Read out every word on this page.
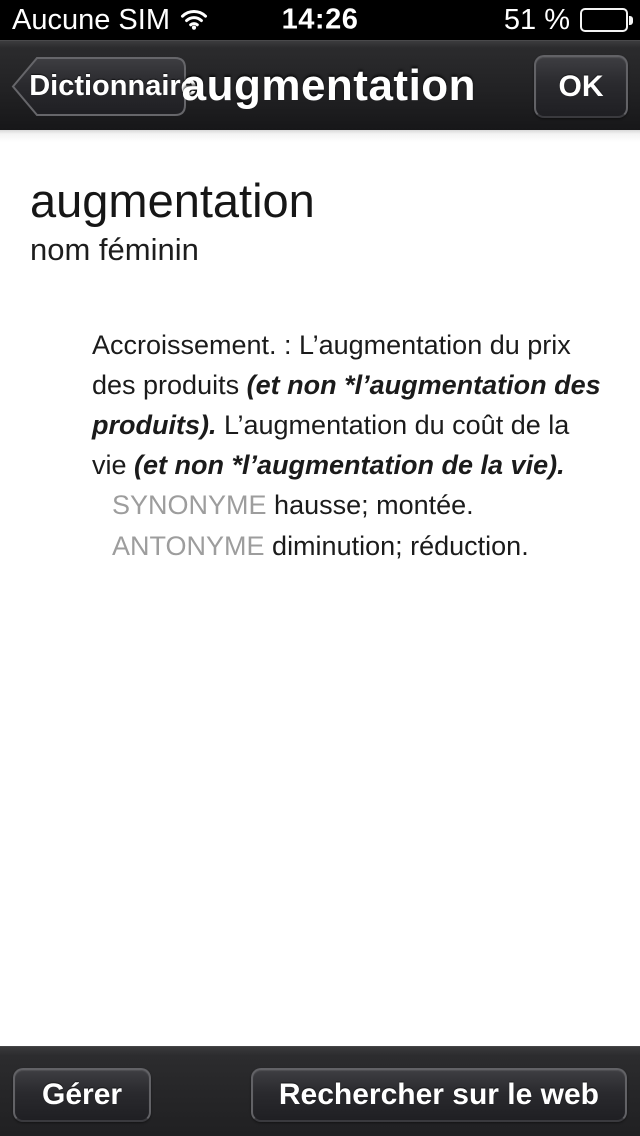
Aucune SIM	14:26	51 %
Dictionnaire
augmentation	OK
augmentation
nom féminin
Accroissement. : L’augmentation du prix des produits (et non *l’augmentation des produits). L’augmentation du coût de la vie (et non *l’augmentation de la vie).
SYNONYME hausse; montée.
ANTONYME diminution; réduction.
Gérer	Rechercher sur le web
